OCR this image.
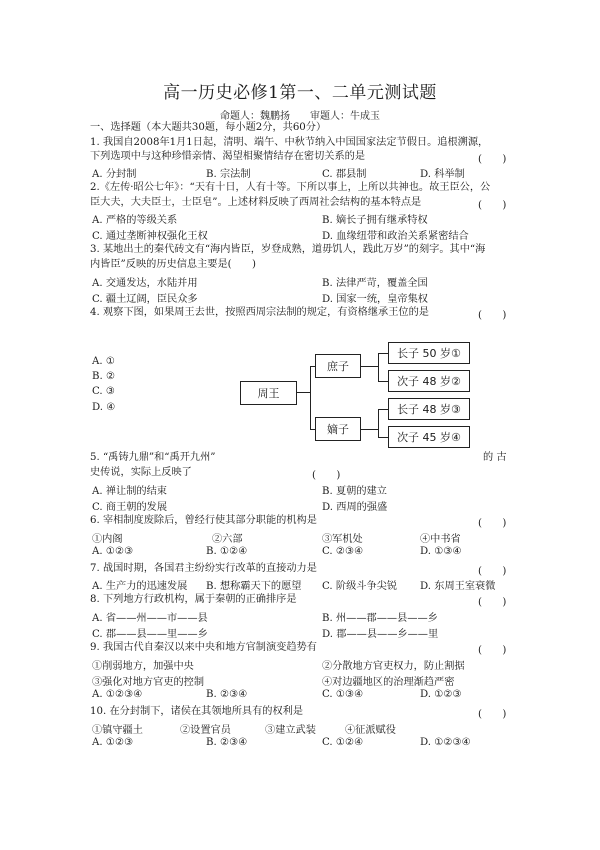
高一历史必修1第一、二单元测试题
命题人：魏鹏扬　　审题人：牛成玉
一、选择题（本大题共30题，每小题2分，共60分）
1. 我国自2008年1月1日起，清明、端午、中秋节纳入中国国家法定节假日。追根溯源，
下列选项中与这种珍惜亲情、渴望相聚情结存在密切关系的是	(　　)
A. 分封制	B. 宗法制	C. 郡县制	D. 科举制
2.《左传·昭公七年》：“天有十日，人有十等。下所以事上，上所以共神也。故王臣公，公
臣大夫，大夫臣士，士臣皂”。上述材料反映了西周社会结构的基本特点是	(　　)
A. 严格的等级关系	B. 嫡长子拥有继承特权
C. 通过垄断神权强化王权	D. 血缘纽带和政治关系紧密结合
3. 某地出土的秦代砖文有“海内皆臣，岁登成熟，道毋饥人，践此万岁”的刻字。其中“海
内皆臣”反映的历史信息主要是(　　)
A. 交通发达，水陆并用	B. 法律严苛，覆盖全国
C. 疆土辽阔，臣民众多	D. 国家一统，皇帝集权
4. 观察下图，如果周王去世，按照西周宗法制的规定，有资格继承王位的是	(　　)
A. ①
B. ②
C. ③
D. ④
周王
庶子
嫡子
长子 50 岁①
次子 48 岁②
长子 48 岁③
次子 45 岁④
5. “禹铸九鼎”和“禹开九州”	的 古
史传说，实际上反映了	(　　)
A. 禅让制的结束	B. 夏朝的建立
C. 商王朝的发展	D. 西周的强盛
6. 宰相制度废除后，曾经行使其部分职能的机构是	(　　)
①内阁	②六部	③军机处	④中书省
A. ①②③	B. ①②④	C. ②③④	D. ①③④
7. 战国时期，各国君主纷纷实行改革的直接动力是	(　　)
A. 生产力的迅速发展 B. 想称霸天下的愿望 C. 阶级斗争尖锐 D. 东周王室衰微
8. 下列地方行政机构，属于秦朝的正确排序是	(　　)
A. 省——州——市——县	B. 州——郡——县——乡
C. 郡——县——里——乡	D. 郡——县——乡——里
9. 我国古代自秦汉以来中央和地方官制演变趋势有	(　　)
①削弱地方，加强中央	②分散地方官吏权力，防止割据
③强化对地方官吏的控制	④对边疆地区的治理渐趋严密
A. ①②③④	B. ②③④	C. ①③④	D. ①②③
10. 在分封制下，诸侯在其领地所具有的权利是	(　　)
①镇守疆土	②设置官员	③建立武装	④征派赋役
A. ①②③	B. ②③④	C. ①②④	D. ①②③④
